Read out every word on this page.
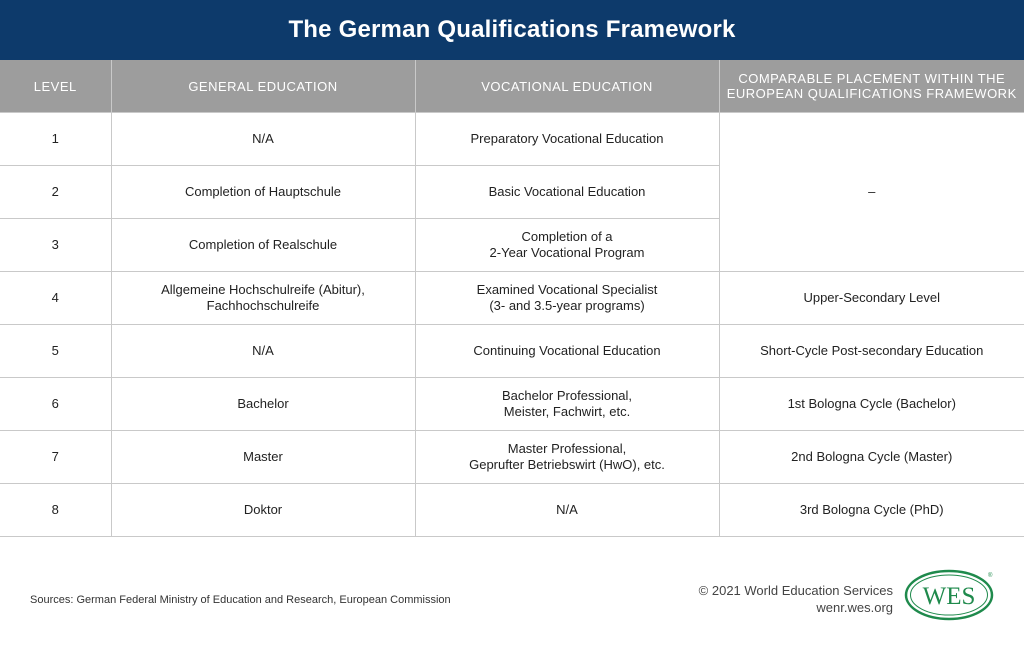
The German Qualifications Framework
LEVEL	GENERAL EDUCATION	VOCATIONAL EDUCATION	COMPARABLE PLACEMENT WITHIN THE EUROPEAN QUALIFICATIONS FRAMEWORK
1	N/A	Preparatory Vocational Education	–
2	Completion of Hauptschule	Basic Vocational Education	
3	Completion of Realschule	Completion of a
2-Year Vocational Program	
4	Allgemeine Hochschulreife (Abitur),
Fachhochschulreife	Examined Vocational Specialist
(3- and 3.5-year programs)	Upper-Secondary Level
5	N/A	Continuing Vocational Education	Short-Cycle Post-secondary Education
6	Bachelor	Bachelor Professional,
Meister, Fachwirt, etc.	1st Bologna Cycle (Bachelor)
7	Master	Master Professional,
Geprufter Betriebswirt (HwO), etc.	2nd Bologna Cycle (Master)
8	Doktor	N/A	3rd Bologna Cycle (PhD)
Sources: German Federal Ministry of Education and Research, European Commission
© 2021 World Education Services
wenr.wes.org WES
®
